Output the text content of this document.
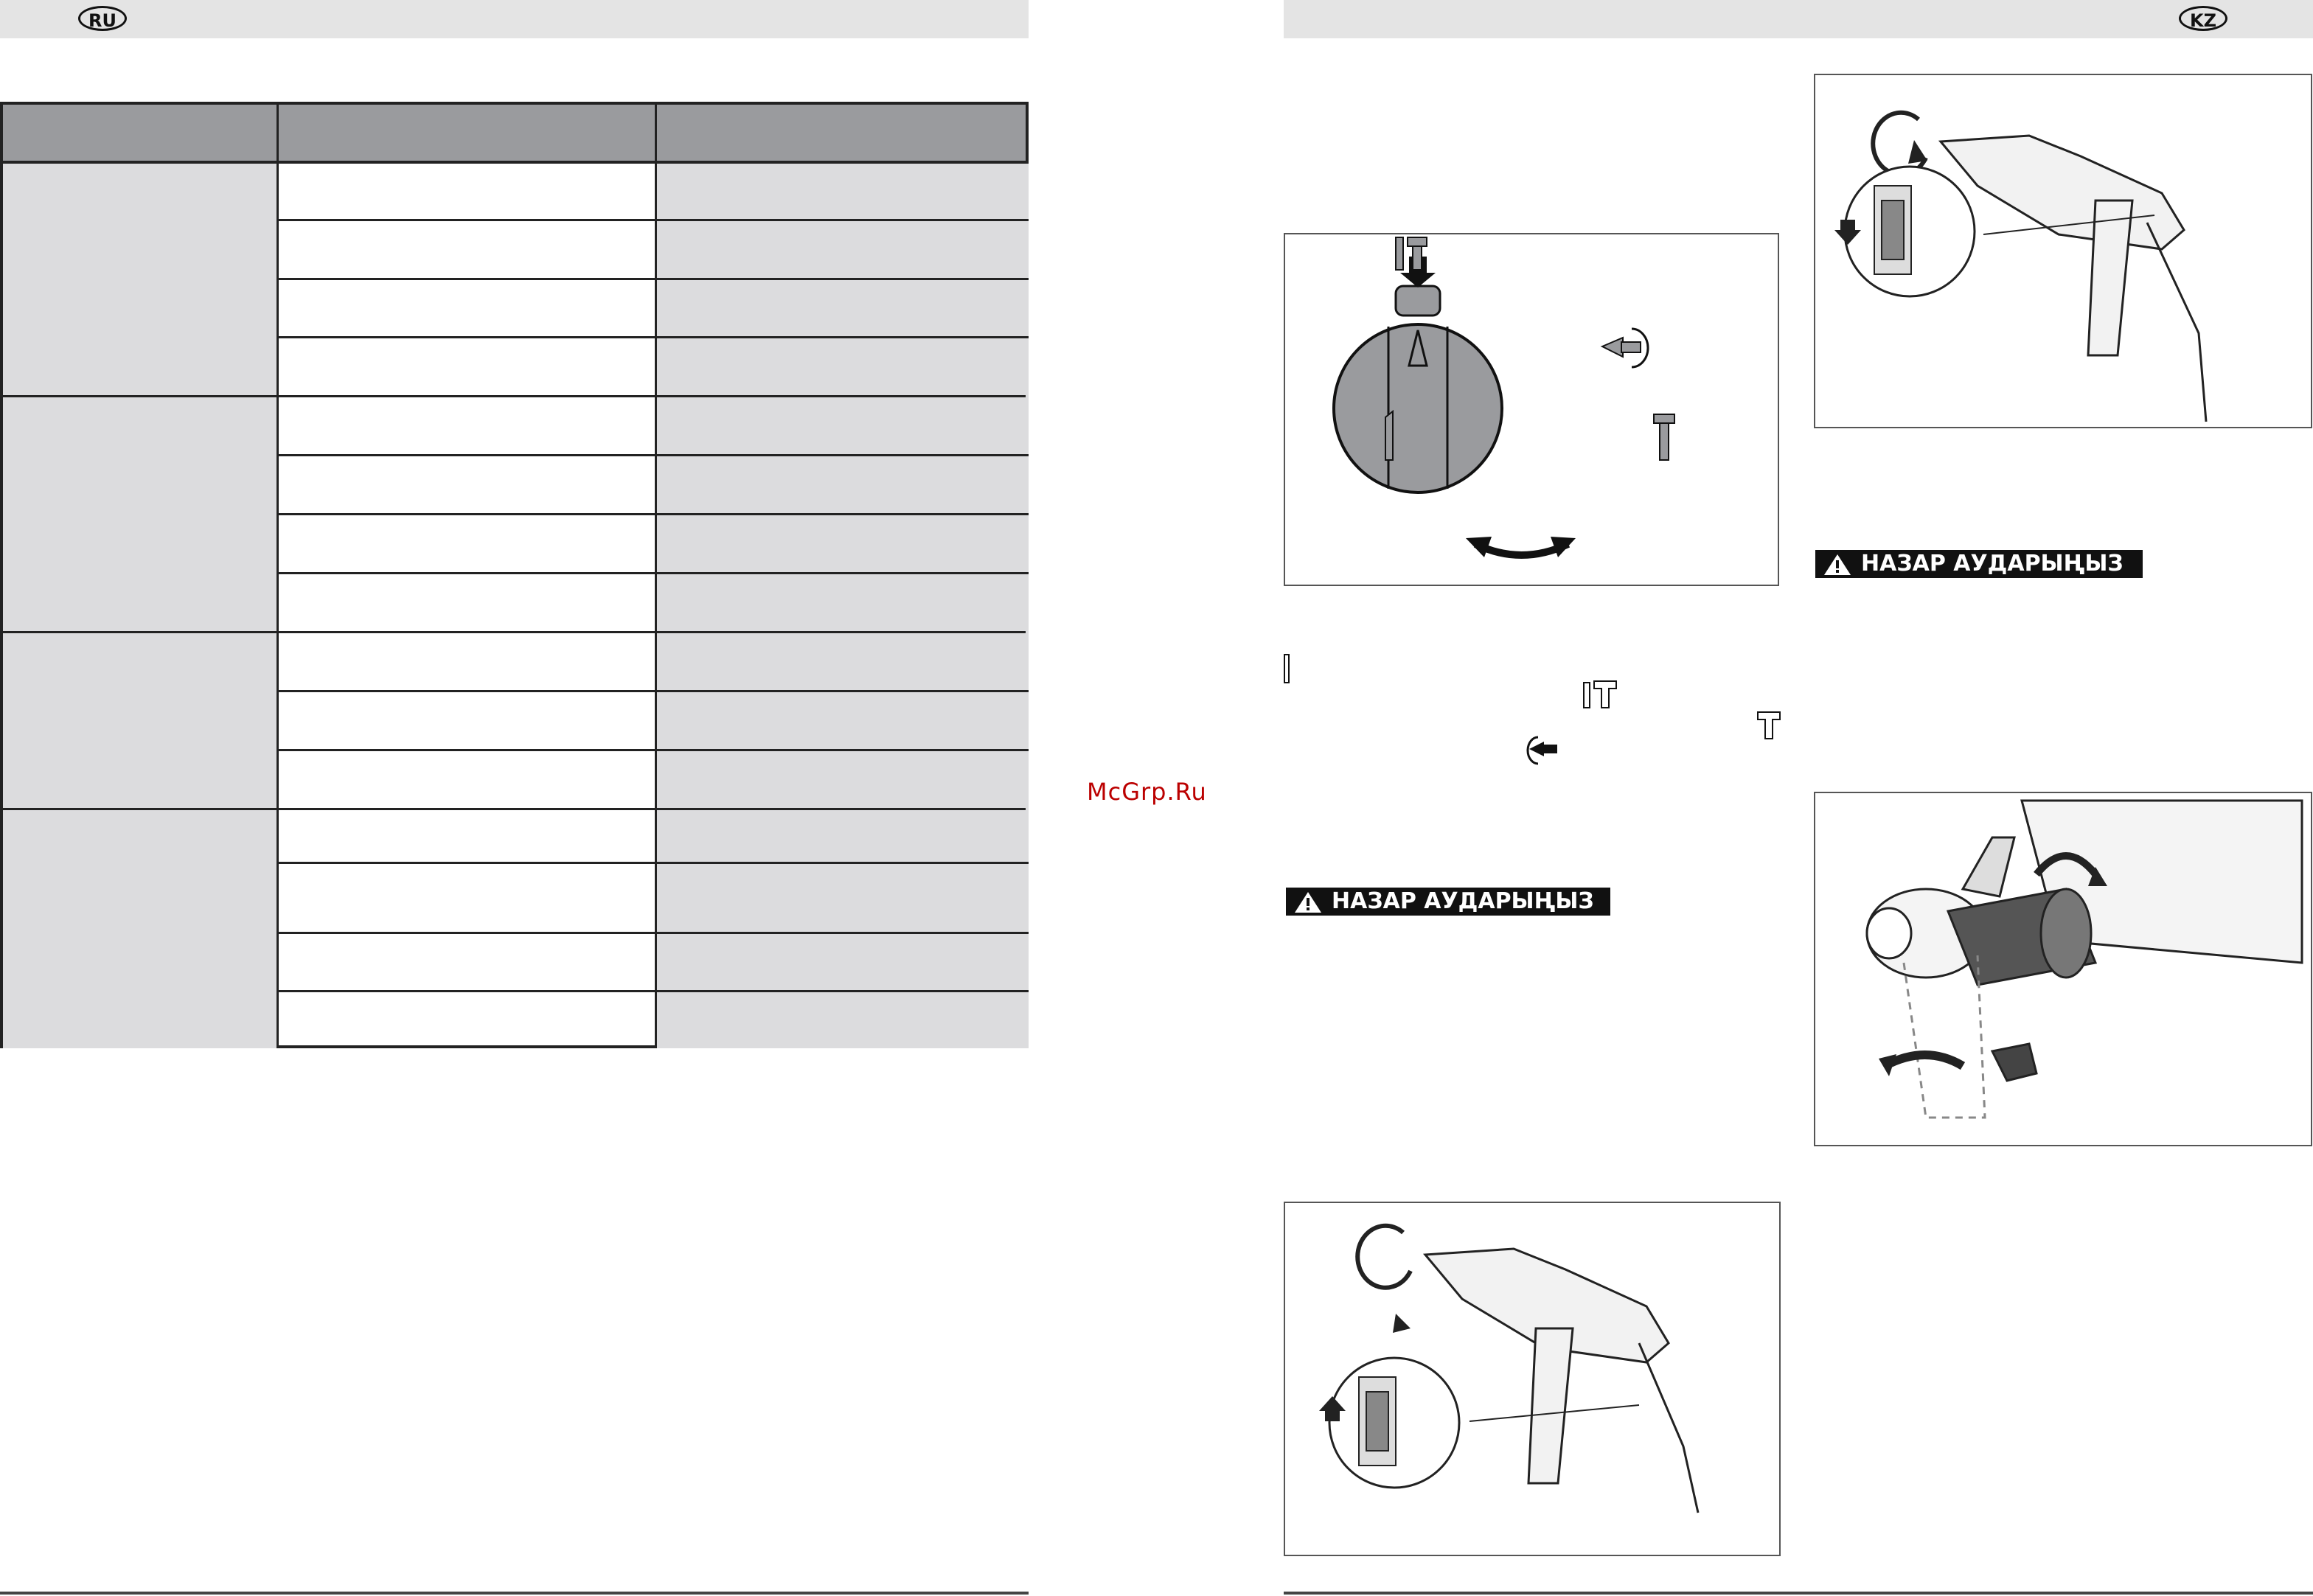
RU	KZ
McGrp.Ru
НАЗАР АУДАРЫҢЫЗ
НАЗАР АУДАРЫҢЫЗ
